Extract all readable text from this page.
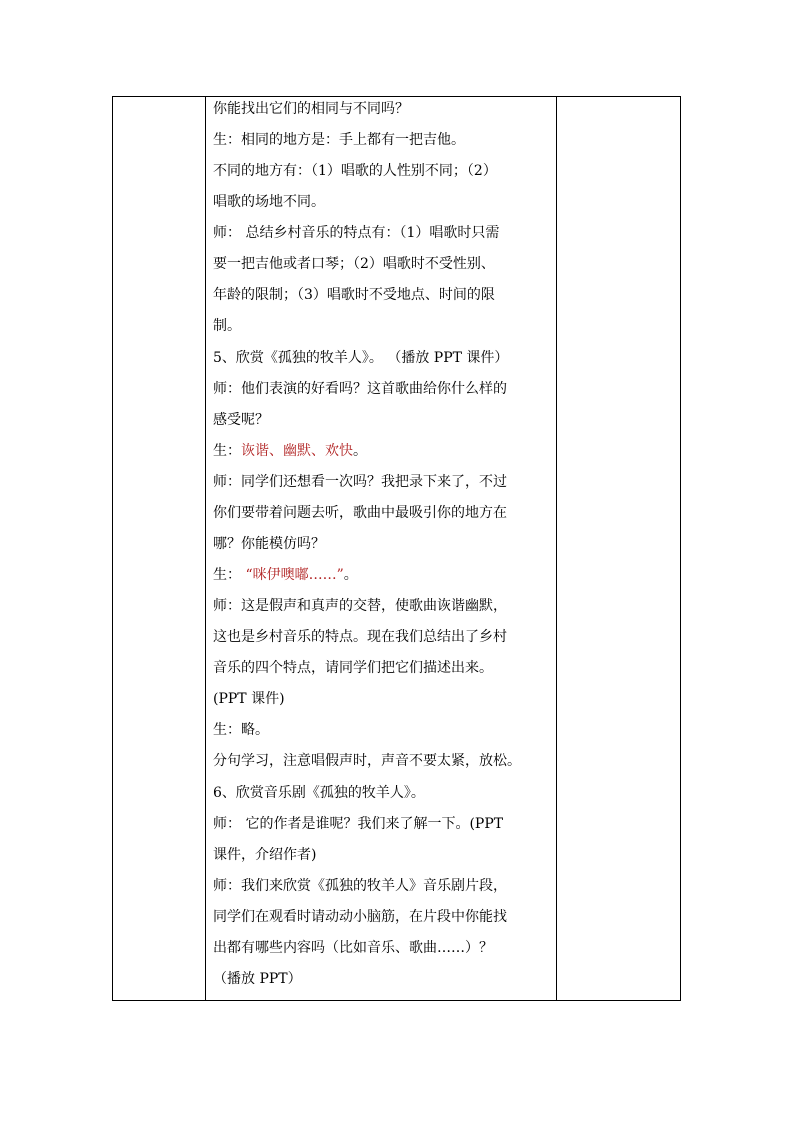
你能找出它们的相同与不同吗？
生：相同的地方是：手上都有一把吉他。
不同的地方有：（1）唱歌的人性别不同；（2）
唱歌的场地不同。
师： 总结乡村音乐的特点有：（1）唱歌时只需
要一把吉他或者口琴；（2）唱歌时不受性别、
年龄的限制；（3）唱歌时不受地点、时间的限
制。
5、欣赏《孤独的牧羊人》。 （播放 PPT 课件）
师：他们表演的好看吗？这首歌曲给你什么样的
感受呢？
生：诙谐、幽默、欢快。
师：同学们还想看一次吗？我把录下来了，不过
你们要带着问题去听，歌曲中最吸引你的地方在
哪？你能模仿吗？
生： “咪伊噢嘟……”。
师：这是假声和真声的交替，使歌曲诙谐幽默，
这也是乡村音乐的特点。现在我们总结出了乡村
音乐的四个特点，请同学们把它们描述出来。
(PPT 课件)
生：略。
分句学习，注意唱假声时，声音不要太紧，放松。
6、欣赏音乐剧《孤独的牧羊人》。
师： 它的作者是谁呢？我们来了解一下。(PPT
课件，介绍作者)
师：我们来欣赏《孤独的牧羊人》音乐剧片段，
同学们在观看时请动动小脑筋，在片段中你能找
出都有哪些内容吗（比如音乐、歌曲……）？
（播放 PPT）
